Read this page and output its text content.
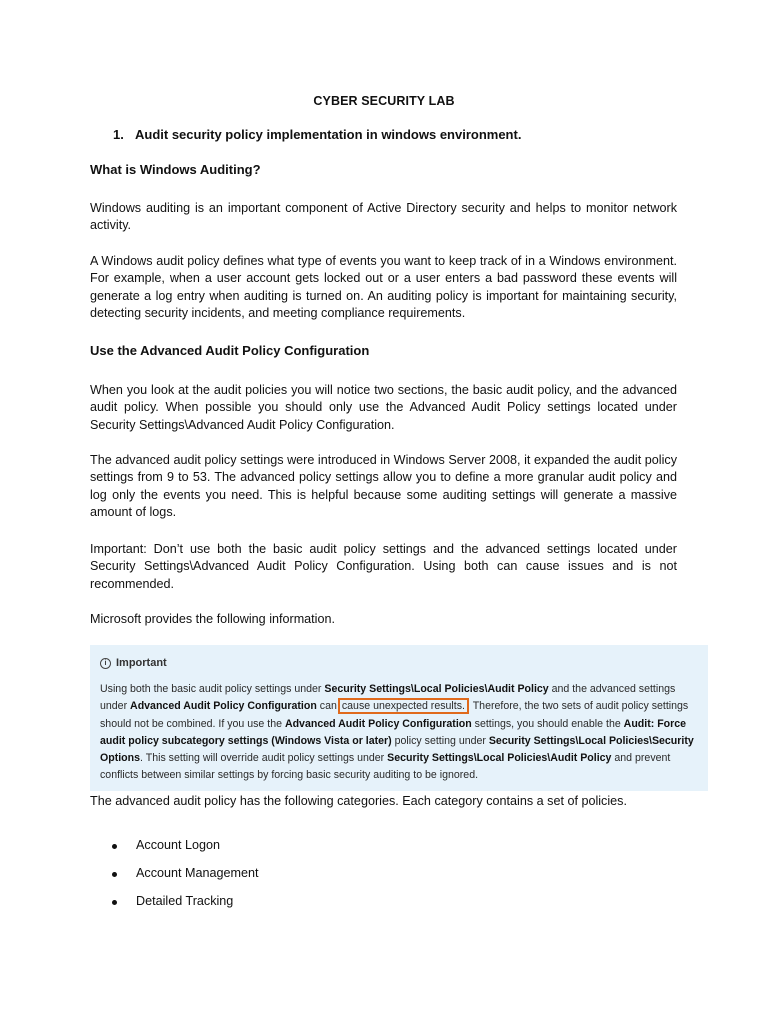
CYBER SECURITY LAB
1. Audit security policy implementation in windows environment.
What is Windows Auditing?
Windows auditing is an important component of Active Directory security and helps to monitor network activity.
A Windows audit policy defines what type of events you want to keep track of in a Windows environment. For example, when a user account gets locked out or a user enters a bad password these events will generate a log entry when auditing is turned on. An auditing policy is important for maintaining security, detecting security incidents, and meeting compliance requirements.
Use the Advanced Audit Policy Configuration
When you look at the audit policies you will notice two sections, the basic audit policy, and the advanced audit policy. When possible you should only use the Advanced Audit Policy settings located under Security Settings\Advanced Audit Policy Configuration.
The advanced audit policy settings were introduced in Windows Server 2008, it expanded the audit policy settings from 9 to 53. The advanced policy settings allow you to define a more granular audit policy and log only the events you need. This is helpful because some auditing settings will generate a massive amount of logs.
Important: Don’t use both the basic audit policy settings and the advanced settings located under Security Settings\Advanced Audit Policy Configuration. Using both can cause issues and is not recommended.
Microsoft provides the following information.
i Important
Using both the basic audit policy settings under Security Settings\Local Policies\Audit Policy and the advanced settings under Advanced Audit Policy Configuration can cause unexpected results. Therefore, the two sets of audit policy settings should not be combined. If you use the Advanced Audit Policy Configuration settings, you should enable the Audit: Force audit policy subcategory settings (Windows Vista or later) policy setting under Security Settings\Local Policies\Security Options. This setting will override audit policy settings under Security Settings\Local Policies\Audit Policy and prevent conflicts between similar settings by forcing basic security auditing to be ignored.
The advanced audit policy has the following categories. Each category contains a set of policies.
Account Logon
Account Management
Detailed Tracking
